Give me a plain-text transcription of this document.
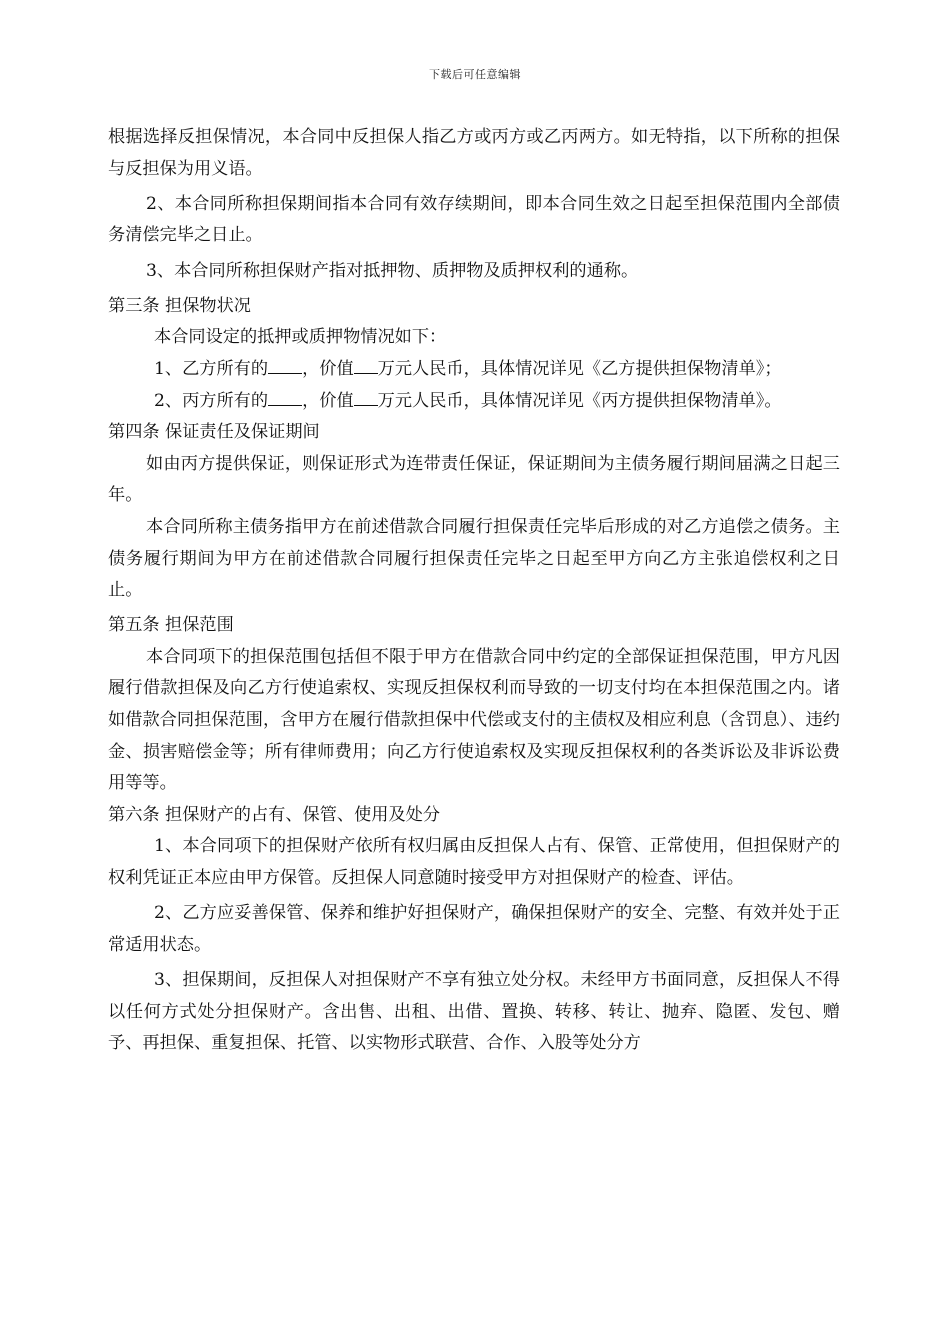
下载后可任意编辑

根据选择反担保情况，本合同中反担保人指乙方或丙方或乙丙两方。如无特指，以下所称的担保与反担保为用义语。

2、本合同所称担保期间指本合同有效存续期间，即本合同生效之日起至担保范围内全部债务清偿完毕之日止。

3、本合同所称担保财产指对抵押物、质押物及质押权利的通称。

第三条 担保物状况

本合同设定的抵押或质押物情况如下：

1、乙方所有的 ，价值 万元人民币，具体情况详见《乙方提供担保物清单》；

2、丙方所有的 ，价值 万元人民币，具体情况详见《丙方提供担保物清单》。

第四条 保证责任及保证期间

如由丙方提供保证，则保证形式为连带责任保证，保证期间为主债务履行期间届满之日起三年。

本合同所称主债务指甲方在前述借款合同履行担保责任完毕后形成的对乙方追偿之债务。主债务履行期间为甲方在前述借款合同履行担保责任完毕之日起至甲方向乙方主张追偿权利之日止。

第五条 担保范围

本合同项下的担保范围包括但不限于甲方在借款合同中约定的全部保证担保范围，甲方凡因履行借款担保及向乙方行使追索权、实现反担保权利而导致的一切支付均在本担保范围之内。诸如借款合同担保范围，含甲方在履行借款担保中代偿或支付的主债权及相应利息（含罚息）、违约金、损害赔偿金等；所有律师费用；向乙方行使追索权及实现反担保权利的各类诉讼及非诉讼费用等等。

第六条 担保财产的占有、保管、使用及处分

1、本合同项下的担保财产依所有权归属由反担保人占有、保管、正常使用，但担保财产的权利凭证正本应由甲方保管。反担保人同意随时接受甲方对担保财产的检查、评估。

2、乙方应妥善保管、保养和维护好担保财产，确保担保财产的安全、完整、有效并处于正常适用状态。

3、担保期间，反担保人对担保财产不享有独立处分权。未经甲方书面同意，反担保人不得以任何方式处分担保财产。含出售、出租、出借、置换、转移、转让、抛弃、隐匿、发包、赠予、再担保、重复担保、托管、以实物形式联营、合作、入股等处分方
